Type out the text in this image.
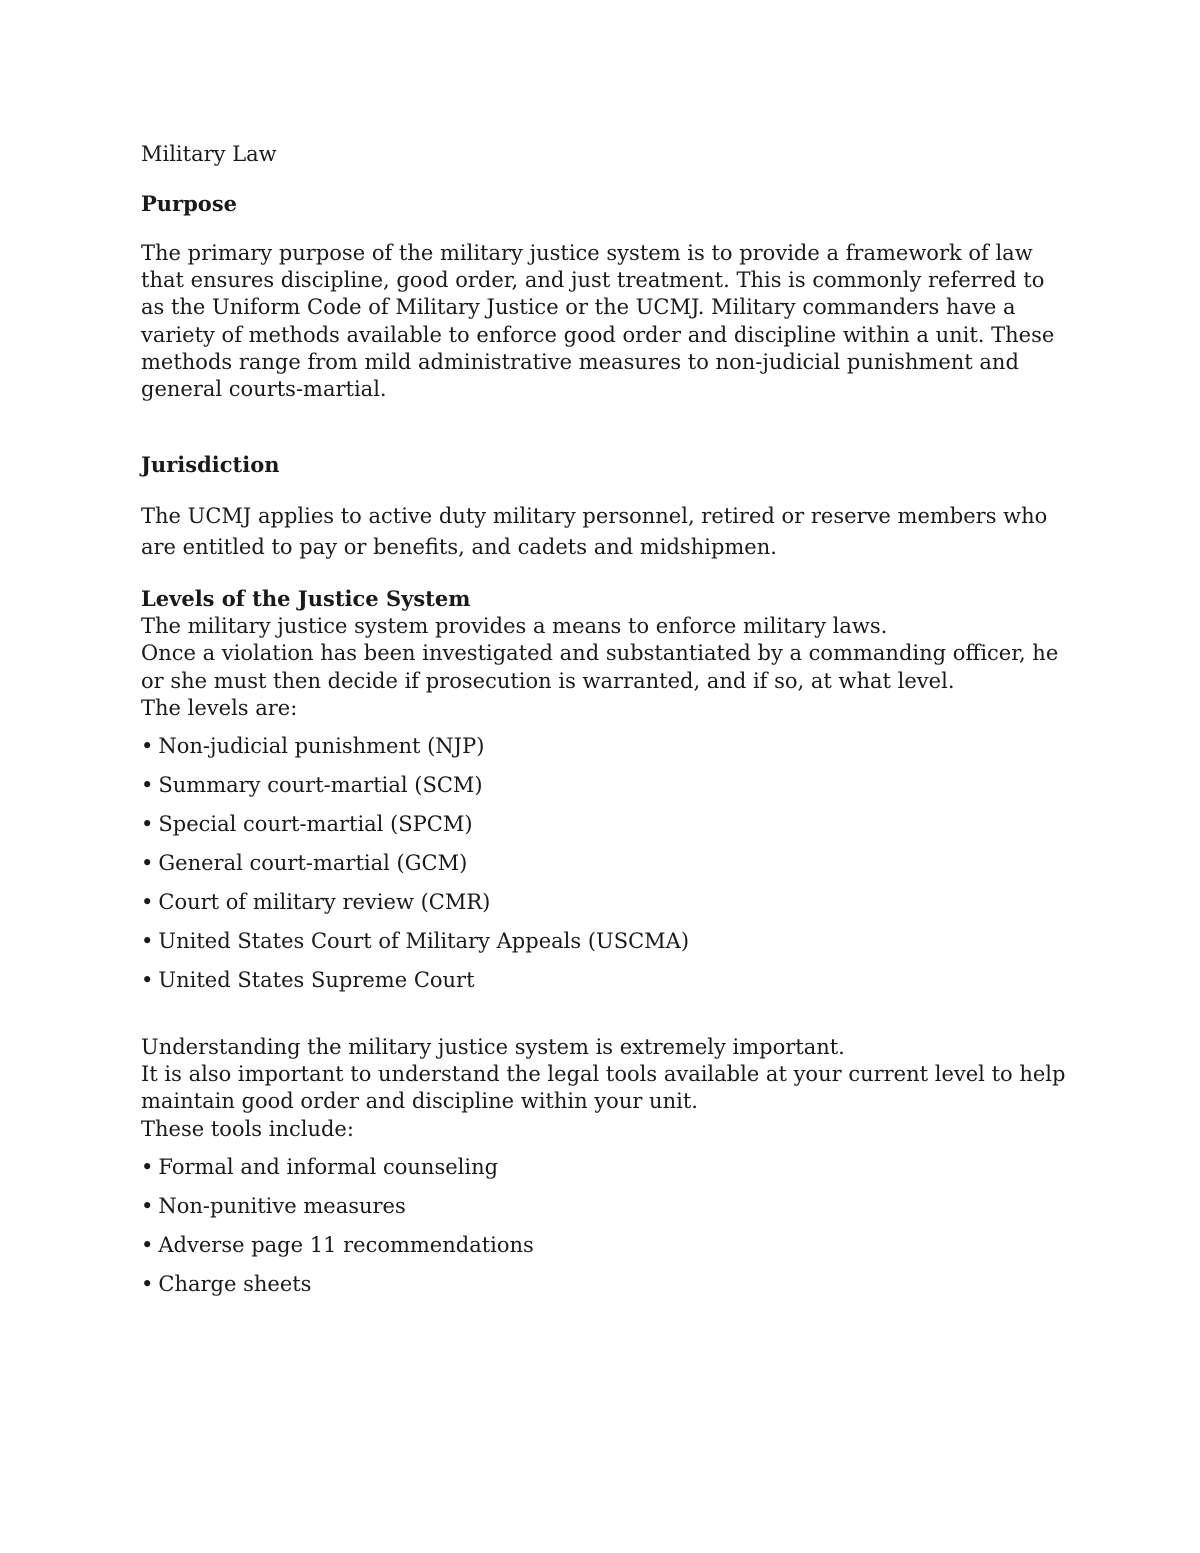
Military Law
Purpose

The primary purpose of the military justice system is to provide a framework of law that ensures discipline, good order, and just treatment. This is commonly referred to as the Uniform Code of Military Justice or the UCMJ. Military commanders have a variety of methods available to enforce good order and discipline within a unit. These methods range from mild administrative measures to non-judicial punishment and general courts-martial.

Jurisdiction

The UCMJ applies to active duty military personnel, retired or reserve members who are entitled to pay or benefits, and cadets and midshipmen.

Levels of the Justice System

The military justice system provides a means to enforce military laws.

Once a violation has been investigated and substantiated by a commanding officer, he or she must then decide if prosecution is warranted, and if so, at what level.

The levels are:

• Non-judicial punishment (NJP)
• Summary court-martial (SCM)
• Special court-martial (SPCM)
• General court-martial (GCM)
• Court of military review (CMR)
• United States Court of Military Appeals (USCMA)
• United States Supreme Court

Understanding the military justice system is extremely important.

It is also important to understand the legal tools available at your current level to help maintain good order and discipline within your unit.

These tools include:

• Formal and informal counseling
• Non-punitive measures
• Adverse page 11 recommendations
• Charge sheets
